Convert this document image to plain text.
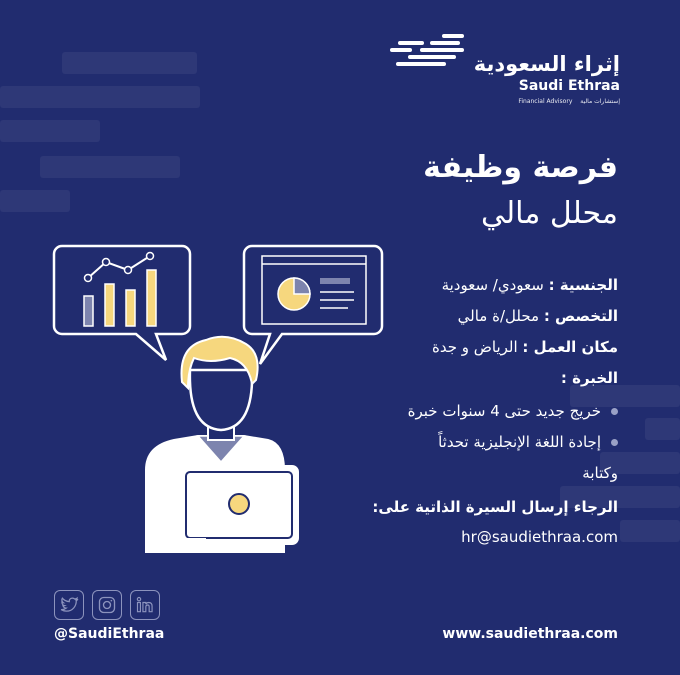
إثراء السعودية
Saudi Ethraa
Financial Advisory إستشارات مالية
فرصة وظيفة
محلل مالي
الجنسية : سعودي/ سعودية
التخصص : محلل/ة مالي
مكان العمل : الرياض و جدة
الخبرة :
خريج جديد حتى 4 سنوات خبرة
إجادة اللغة الإنجليزية تحدثاً
وكتابة
الرجاء إرسال السيرة الذاتية على:
hr@saudiethraa.com
@SaudiEthraa	www.saudiethraa.com
